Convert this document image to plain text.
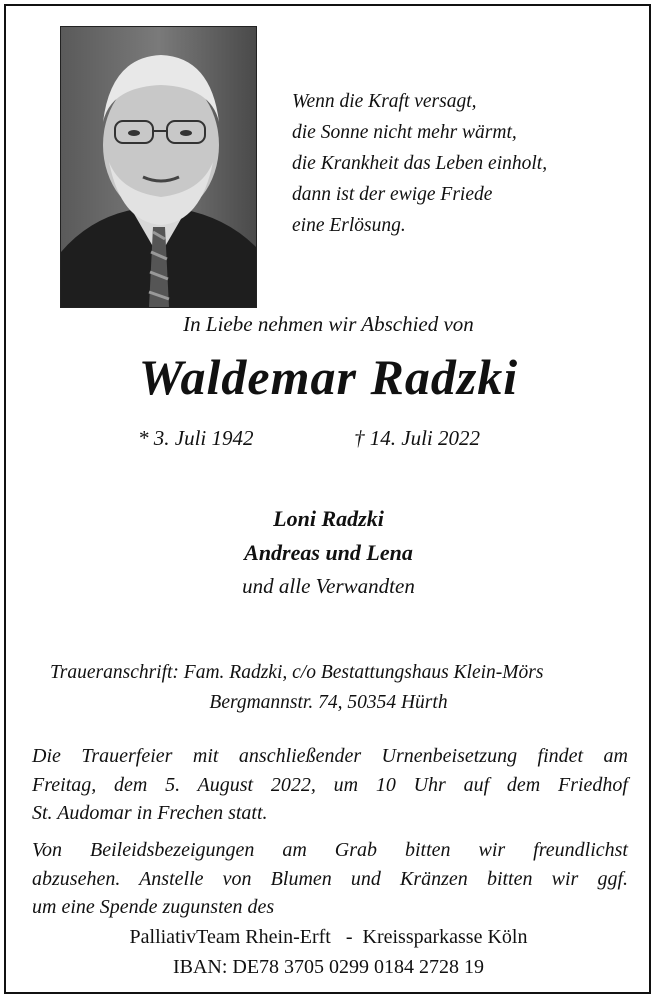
Wenn die Kraft versagt,
die Sonne nicht mehr wärmt,
die Krankheit das Leben einholt,
dann ist der ewige Friede
eine Erlösung.
In Liebe nehmen wir Abschied von
Waldemar Radzki
* 3. Juli 1942	† 14. Juli 2022
Loni Radzki
Andreas und Lena
und alle Verwandten
Traueranschrift: Fam. Radzki, c/o Bestattungshaus Klein-Mörs
Bergmannstr. 74, 50354 Hürth
Die Trauerfeier mit anschließender Urnenbeisetzung findet am
Freitag, dem 5. August 2022, um 10 Uhr auf dem Friedhof
St. Audomar in Frechen statt.
Von Beileidsbezeigungen am Grab bitten wir freundlichst
abzusehen. Anstelle von Blumen und Kränzen bitten wir ggf.
um eine Spende zugunsten des
PalliativTeam Rhein-Erft   -  Kreissparkasse Köln
IBAN: DE78 3705 0299 0184 2728 19
